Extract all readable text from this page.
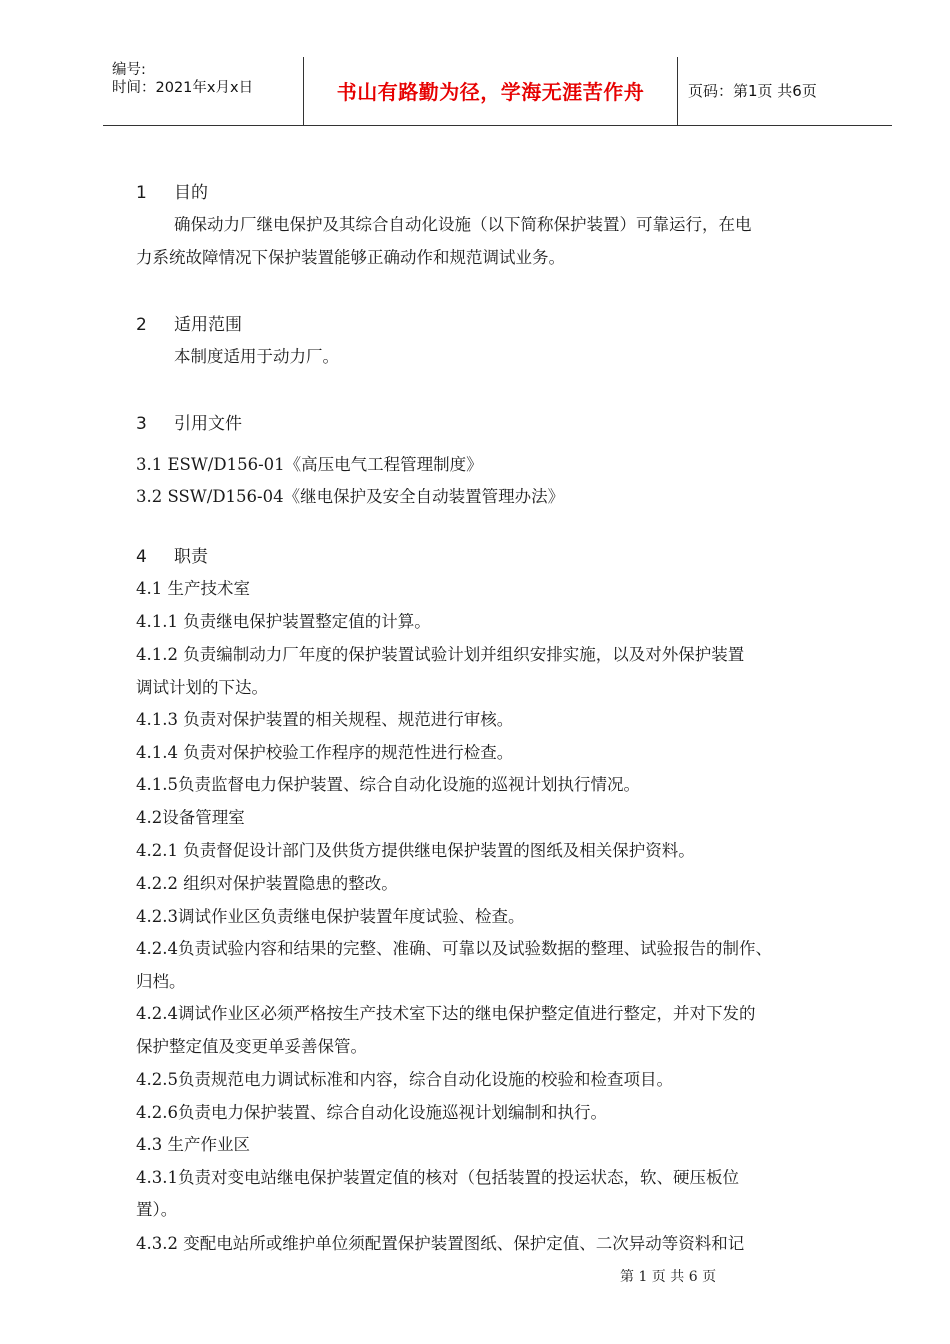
编号:
时间：2021年x月x日	书山有路勤为径，学海无涯苦作舟	页码：第1页 共6页
1 目的
确保动力厂继电保护及其综合自动化设施（以下简称保护装置）可靠运行，在电
力系统故障情况下保护装置能够正确动作和规范调试业务。
2 适用范围
本制度适用于动力厂。
3 引用文件
3.1 ESW/D156-01《高压电气工程管理制度》
3.2 SSW/D156-04《继电保护及安全自动装置管理办法》
4 职责
4.1 生产技术室
4.1.1 负责继电保护装置整定值的计算。
4.1.2 负责编制动力厂年度的保护装置试验计划并组织安排实施，以及对外保护装置
调试计划的下达。
4.1.3 负责对保护装置的相关规程、规范进行审核。
4.1.4 负责对保护校验工作程序的规范性进行检查。
4.1.5负责监督电力保护装置、综合自动化设施的巡视计划执行情况。
4.2设备管理室
4.2.1 负责督促设计部门及供货方提供继电保护装置的图纸及相关保护资料。
4.2.2 组织对保护装置隐患的整改。
4.2.3调试作业区负责继电保护装置年度试验、检查。
4.2.4负责试验内容和结果的完整、准确、可靠以及试验数据的整理、试验报告的制作、
归档。
4.2.4调试作业区必须严格按生产技术室下达的继电保护整定值进行整定，并对下发的
保护整定值及变更单妥善保管。
4.2.5负责规范电力调试标准和内容，综合自动化设施的校验和检查项目。
4.2.6负责电力保护装置、综合自动化设施巡视计划编制和执行。
4.3 生产作业区
4.3.1负责对变电站继电保护装置定值的核对（包括装置的投运状态，软、硬压板位
置）。
4.3.2 变配电站所或维护单位须配置保护装置图纸、保护定值、二次异动等资料和记
第 1 页 共 6 页
